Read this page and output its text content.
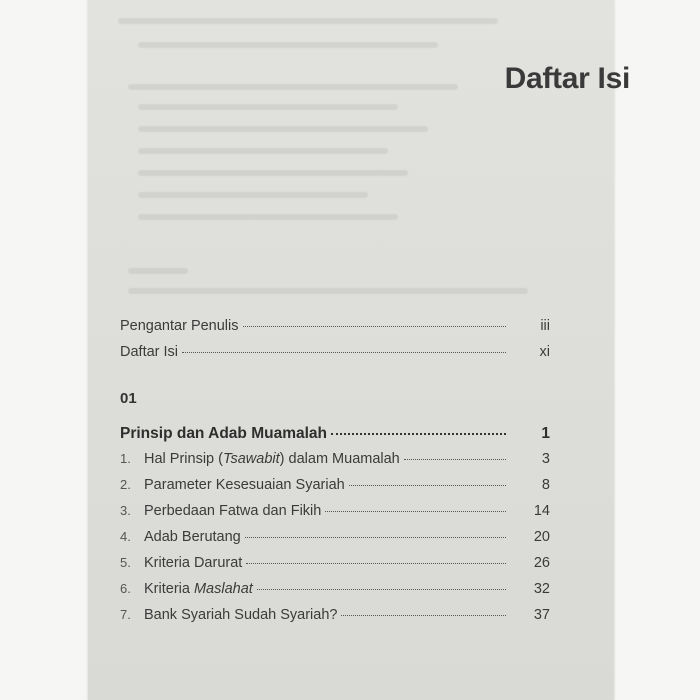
Daftar Isi
Pengantar Penulis	iii
Daftar Isi	xi
Prinsip dan Adab Muamalah	1
1. Hal Prinsip (Tsawabit) dalam Muamalah	3
2. Parameter Kesesuaian Syariah	8
3. Perbedaan Fatwa dan Fikih	14
4. Adab Berutang	20
5. Kriteria Darurat	26
6. Kriteria Maslahat	32
7. Bank Syariah Sudah Syariah?	37
01
